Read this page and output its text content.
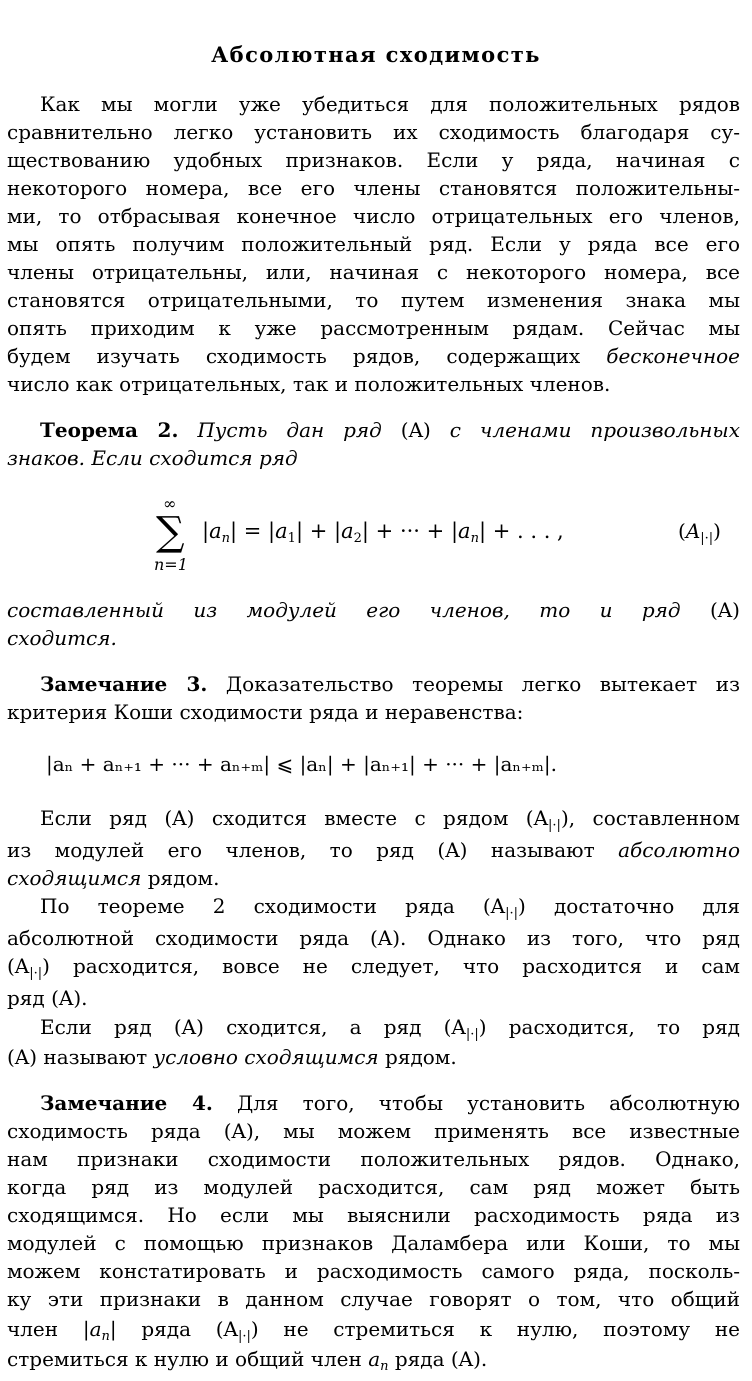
Абсолютная сходимость
Как мы могли уже убедиться для положительных рядов
сравнительно легко установить их сходимость благодаря су-
ществованию удобных признаков. Если у ряда, начиная с
некоторого номера, все его члены становятся положительны-
ми, то отбрасывая конечное число отрицательных его членов,
мы опять получим положительный ряд. Если у ряда все его
члены отрицательны, или, начиная с некоторого номера, все
становятся отрицательными, то путем изменения знака мы
опять приходим к уже рассмотренным рядам. Сейчас мы
будем изучать сходимость рядов, содержащих бесконечное
число как отрицательных, так и положительных членов.
Теорема 2. Пусть дан ряд (A) с членами произвольных
знаков. Если сходится ряд
∞
∑
n=1
$|a_n| = |a_1| + |a_2|$ + ··· + $|a_n|$ + . . . ,	$(A_{|\cdot|})$
составленный из модулей его членов, то и ряд (A)
сходится.
Замечание 3. Доказательство теоремы легко вытекает из
критерия Коши сходимости ряда и неравенства:
|aₙ + aₙ₊₁ + ··· + aₙ₊ₘ| ⩽ |aₙ| + |aₙ₊₁| + ··· + |aₙ₊ₘ|.
Если ряд (A) сходится вместе с рядом $(A_{|\cdot|})$, составленном
из модулей его членов, то ряд (A) называют абсолютно
сходящимся рядом.
По теореме 2 сходимости ряда $(A_{|\cdot|})$ достаточно для
абсолютной сходимости ряда (A). Однако из того, что ряд
$(A_{|\cdot|})$ расходится, вовсе не следует, что расходится и сам
ряд (A).
Если ряд (A) сходится, а ряд $(A_{|\cdot|})$ расходится, то ряд
(A) называют условно сходящимся рядом.
Замечание 4. Для того, чтобы установить абсолютную
сходимость ряда (A), мы можем применять все известные
нам признаки сходимости положительных рядов. Однако,
когда ряд из модулей расходится, сам ряд может быть
сходящимся. Но если мы выяснили расходимость ряда из
модулей с помощью признаков Даламбера или Коши, то мы
можем констатировать и расходимость самого ряда, посколь-
ку эти признаки в данном случае говорят о том, что общий
член $|a_n|$ ряда $(A_{|\cdot|})$ не стремиться к нулю, поэтому не
стремиться к нулю и общий член $a_n$ ряда (A).
